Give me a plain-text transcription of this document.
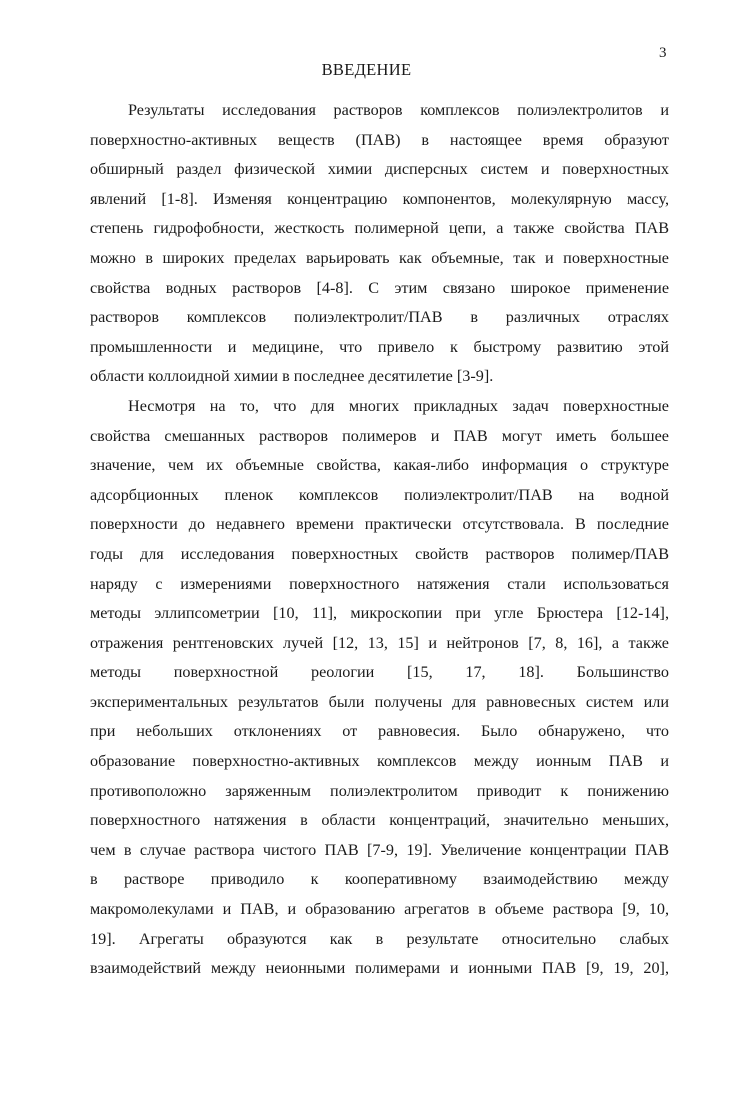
3
ВВЕДЕНИЕ

Результаты исследования растворов комплексов полиэлектролитов и
поверхностно-активных веществ (ПАВ) в настоящее время образуют
обширный раздел физической химии дисперсных систем и поверхностных
явлений [1-8]. Изменяя концентрацию компонентов, молекулярную массу,
степень гидрофобности, жесткость полимерной цепи, а также свойства ПАВ
можно в широких пределах варьировать как объемные, так и поверхностные
свойства водных растворов [4-8]. С этим связано широкое применение
растворов комплексов полиэлектролит/ПАВ в различных отраслях
промышленности и медицине, что привело к быстрому развитию этой
области коллоидной химии в последнее десятилетие [3-9].

Несмотря на то, что для многих прикладных задач поверхностные
свойства смешанных растворов полимеров и ПАВ могут иметь большее
значение, чем их объемные свойства, какая-либо информация о структуре
адсорбционных пленок комплексов полиэлектролит/ПАВ на водной
поверхности до недавнего времени практически отсутствовала. В последние
годы для исследования поверхностных свойств растворов полимер/ПАВ
наряду с измерениями поверхностного натяжения стали использоваться
методы эллипсометрии [10, 11], микроскопии при угле Брюстера [12-14],
отражения рентгеновских лучей [12, 13, 15] и нейтронов [7, 8, 16], а также
методы поверхностной реологии [15, 17, 18]. Большинство
экспериментальных результатов были получены для равновесных систем или
при небольших отклонениях от равновесия. Было обнаружено, что
образование поверхностно-активных комплексов между ионным ПАВ и
противоположно заряженным полиэлектролитом приводит к понижению
поверхностного натяжения в области концентраций, значительно меньших,
чем в случае раствора чистого ПАВ [7-9, 19]. Увеличение концентрации ПАВ
в растворе приводило к кооперативному взаимодействию между
макромолекулами и ПАВ, и образованию агрегатов в объеме раствора [9, 10,
19]. Агрегаты образуются как в результате относительно слабых
взаимодействий между неионными полимерами и ионными ПАВ [9, 19, 20],
